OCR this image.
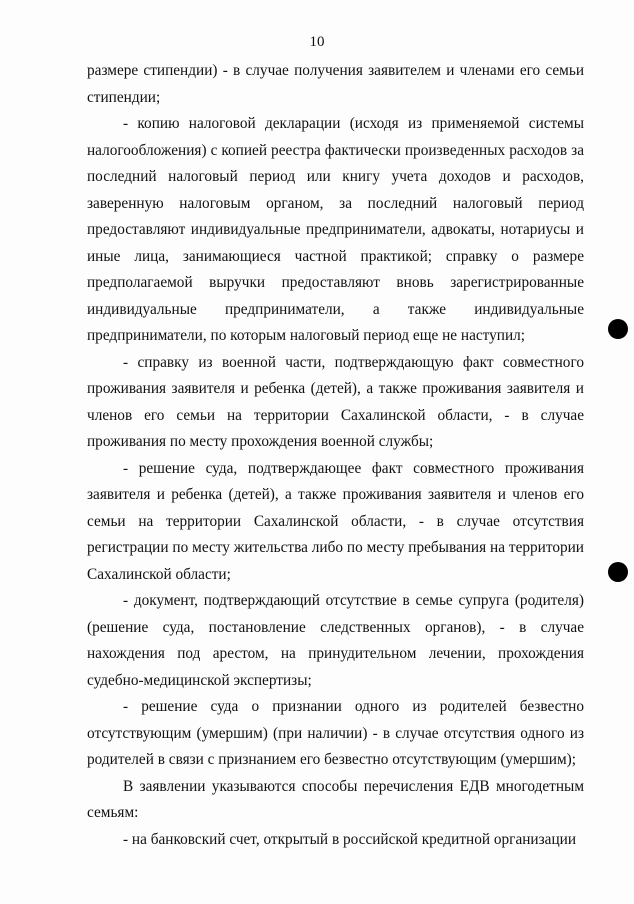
10

размере стипендии) - в случае получения заявителем и членами его семьи стипендии;

- копию налоговой декларации (исходя из применяемой системы налогообложения) с копией реестра фактически произведенных расходов за последний налоговый период или книгу учета доходов и расходов, заверенную налоговым органом, за последний налоговый период предоставляют индивидуальные предприниматели, адвокаты, нотариусы и иные лица, занимающиеся частной практикой; справку о размере предполагаемой выручки предоставляют вновь зарегистрированные индивидуальные предприниматели, а также индивидуальные предприниматели, по которым налоговый период еще не наступил;

- справку из военной части, подтверждающую факт совместного проживания заявителя и ребенка (детей), а также проживания заявителя и членов его семьи на территории Сахалинской области, - в случае проживания по месту прохождения военной службы;

- решение суда, подтверждающее факт совместного проживания заявителя и ребенка (детей), а также проживания заявителя и членов его семьи на территории Сахалинской области, - в случае отсутствия регистрации по месту жительства либо по месту пребывания на территории Сахалинской области;

- документ, подтверждающий отсутствие в семье супруга (родителя) (решение суда, постановление следственных органов), - в случае нахождения под арестом, на принудительном лечении, прохождения судебно-медицинской экспертизы;

- решение суда о признании одного из родителей безвестно отсутствующим (умершим) (при наличии) - в случае отсутствия одного из родителей в связи с признанием его безвестно отсутствующим (умершим);

В заявлении указываются способы перечисления ЕДВ многодетным семьям:

- на банковский счет, открытый в российской кредитной организации
